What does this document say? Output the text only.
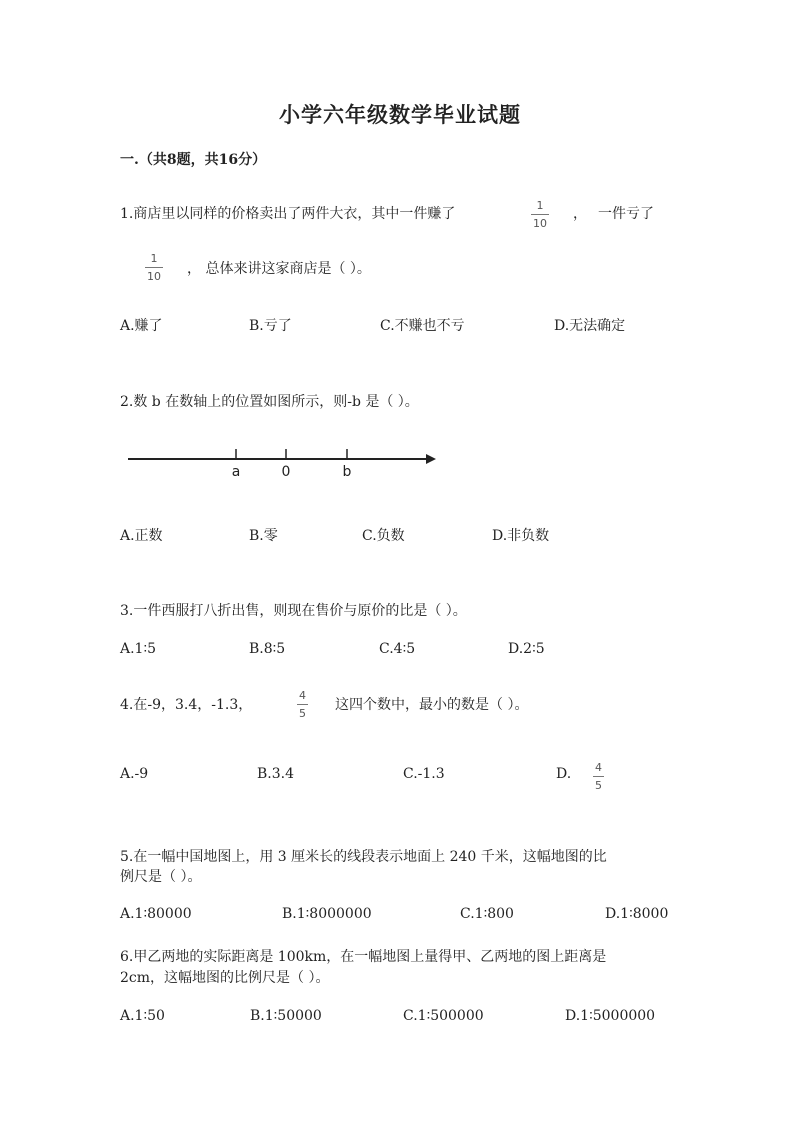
小学六年级数学毕业试题
一.（共8题，共16分）
1.商店里以同样的价格卖出了两件大衣，其中一件赚了
1
10
， 一件亏了
1
10 ， 总体来讲这家商店是（ ）。
A.赚了	B.亏了	C.不赚也不亏	D.无法确定
2.数 b 在数轴上的位置如图所示，则-b 是（ ）。
a	0	b
A.正数	B.零	C.负数	D.非负数
3.一件西服打八折出售，则现在售价与原价的比是（ ）。
A.1∶5	B.8∶5	C.4∶5	D.2∶5
4.在-9，3.4，-1.3，
4
5
这四个数中，最小的数是（ ）。
A.-9	B.3.4	C.-1.3	D. 4
5
5.在一幅中国地图上，用 3 厘米长的线段表示地面上 240 千米，这幅地图的比
例尺是（ ）。
A.1∶80000	B.1∶8000000	C.1∶800	D.1∶8000
6.甲乙两地的实际距离是 100km，在一幅地图上量得甲、乙两地的图上距离是
2cm，这幅地图的比例尺是（ ）。
A.1∶50	B.1∶50000	C.1∶500000	D.1∶5000000
